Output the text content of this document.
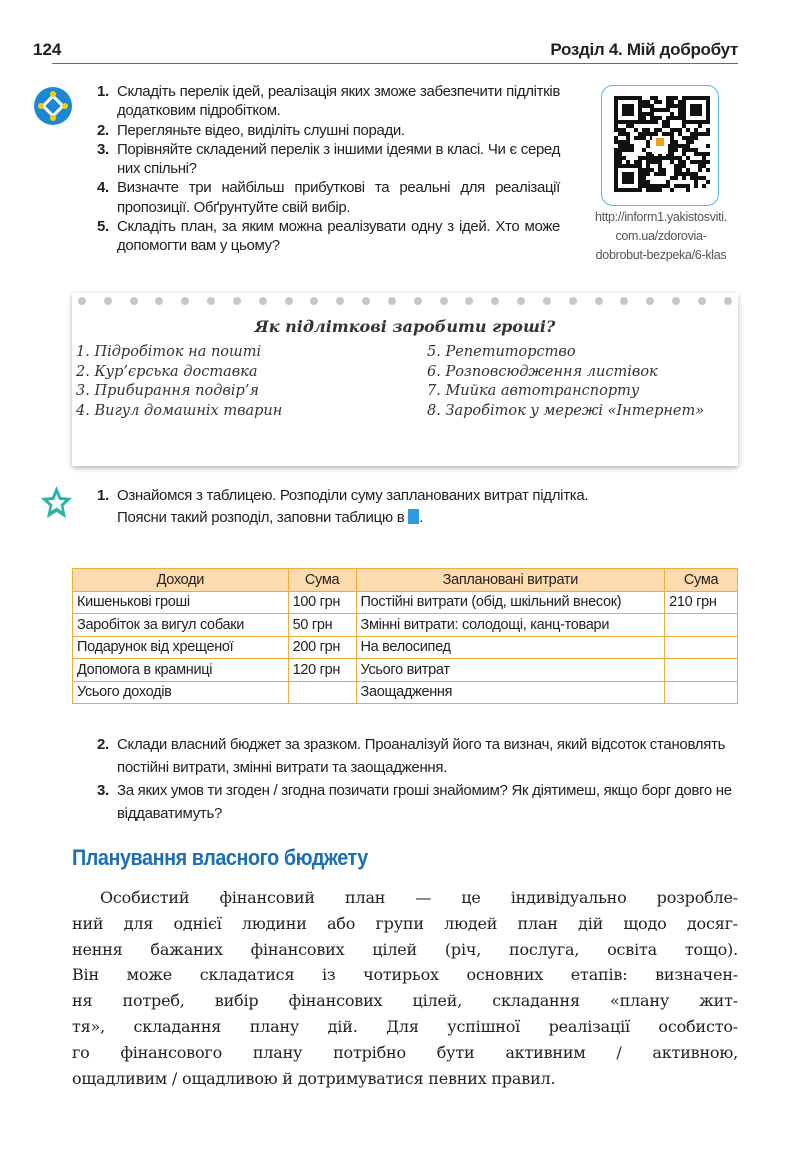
124	Розділ 4. Мій добробут
1. Складіть перелік ідей, реалізація яких зможе забезпечити підлітків додатковим підробітком.
2. Перегляньте відео, виділіть слушні поради.
3. Порівняйте складений перелік з іншими ідеями в класі. Чи є серед них спільні?
4. Визначте три найбільш прибуткові та реальні для реалізації пропозиції. Обґрунтуйте свій вибір.
5. Складіть план, за яким можна реалізувати одну з ідей. Хто може допомогти вам у цьому?
http://inform1.yakistosviti.
com.ua/zdorovia-
dobrobut-bezpeka/6-klas
Як підліткові заробити гроші?
1. Підробіток на пошті
2. Кур’єрська доставка
3. Прибирання подвір’я
4. Вигул домашніх тварин
5. Репетиторство
6. Розповсюдження листівок
7. Мийка автотранспорту
8. Заробіток у мережі «Інтернет»
1. Ознайомся з таблицею. Розподіли суму запланованих витрат підлітка.
Поясни такий розподіл, заповни таблицю в .
Доходи	Сума	Заплановані витрати	Сума
Кишенькові гроші	100 грн	Постійні витрати (обід, шкільний внесок)	210 грн
Заробіток за вигул собаки	50 грн	Змінні витрати: солодощі, канц-товари	
Подарунок від хрещеної	200 грн	На велосипед	
Допомога в крамниці	120 грн	Усього витрат	
Усього доходів		Заощадження	
2. Склади власний бюджет за зразком. Проаналізуй його та визнач, який відсоток становлять постійні витрати, змінні витрати та заощадження.
3. За яких умов ти згоден / згодна позичати гроші знайомим? Як діятимеш, якщо борг довго не віддаватимуть?
Планування власного бюджету
Особистий фінансовий план — це індивідуально розробле-
ний для однієї людини або групи людей план дій щодо досяг-
нення бажаних фінансових цілей (річ, послуга, освіта тощо).
Він може складатися із чотирьох основних етапів: визначен-
ня потреб, вибір фінансових цілей, складання «плану жит-
тя», складання плану дій. Для успішної реалізації особисто-
го фінансового плану потрібно бути активним / активною,
ощадливим / ощадливою й дотримуватися певних правил.
